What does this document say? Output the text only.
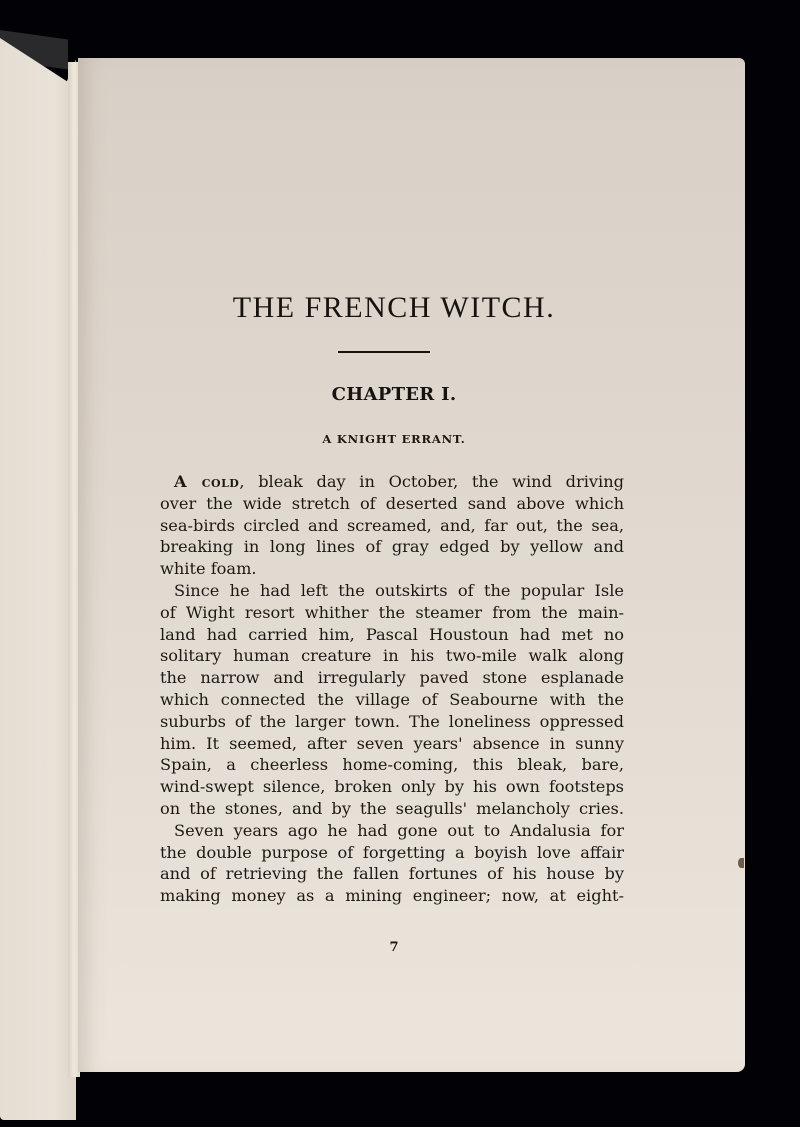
THE FRENCH WITCH.
CHAPTER I.
A KNIGHT ERRANT.

A cold, bleak day in October, the wind driving
over the wide stretch of deserted sand above which
sea-birds circled and screamed, and, far out, the sea,
breaking in long lines of gray edged by yellow and
white foam.

Since he had left the outskirts of the popular Isle
of Wight resort whither the steamer from the main-
land had carried him, Pascal Houstoun had met no
solitary human creature in his two-mile walk along
the narrow and irregularly paved stone esplanade
which connected the village of Seabourne with the
suburbs of the larger town. The loneliness oppressed
him. It seemed, after seven years' absence in sunny
Spain, a cheerless home-coming, this bleak, bare,
wind-swept silence, broken only by his own footsteps
on the stones, and by the seagulls' melancholy cries.

Seven years ago he had gone out to Andalusia for
the double purpose of forgetting a boyish love affair
and of retrieving the fallen fortunes of his house by
making money as a mining engineer; now, at eight-

7
